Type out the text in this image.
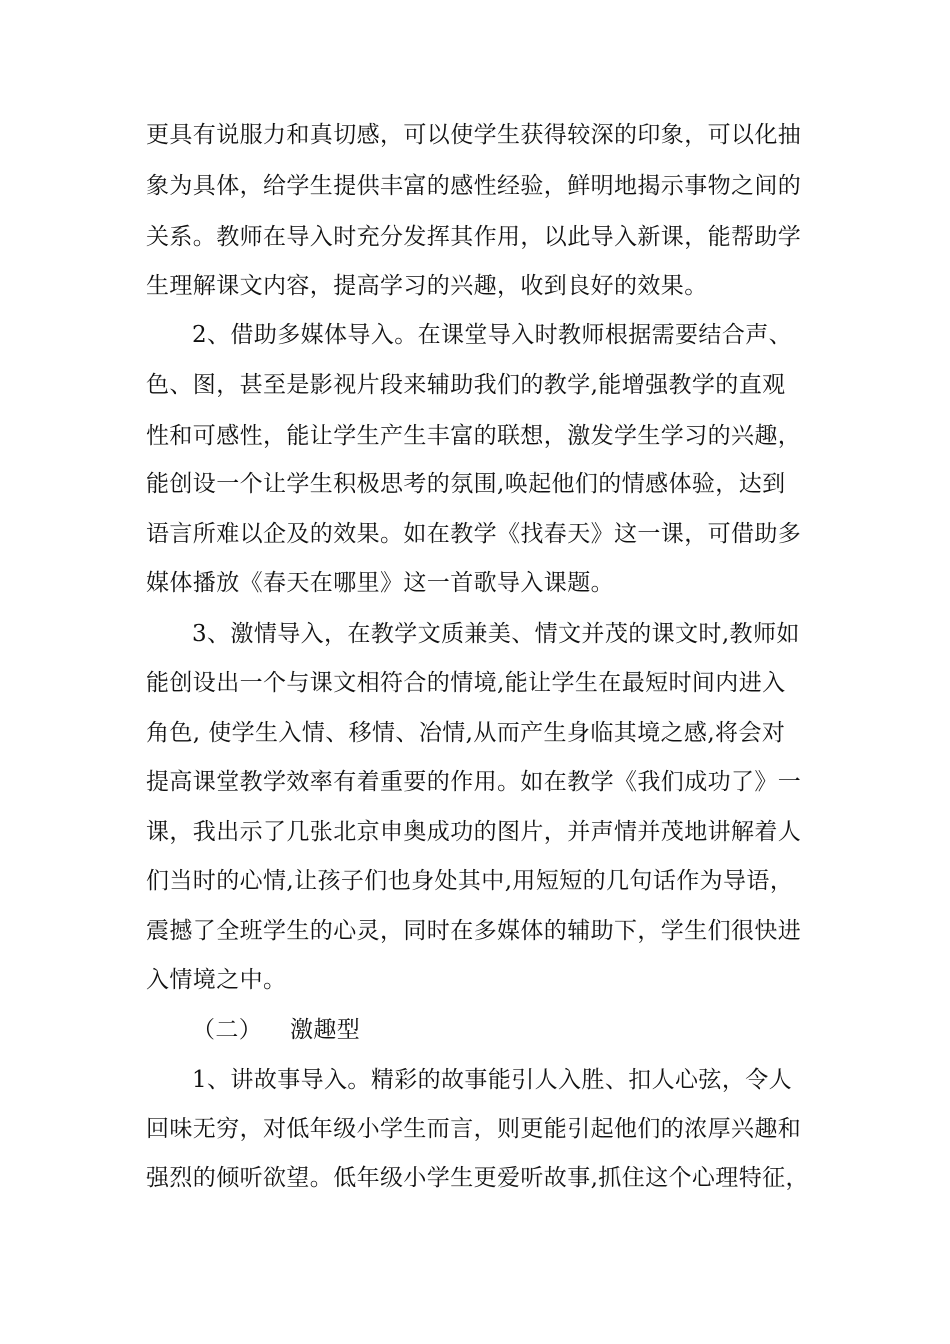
更具有说服力和真切感，可以使学生获得较深的印象，可以化抽
象为具体，给学生提供丰富的感性经验，鲜明地揭示事物之间的
关系。教师在导入时充分发挥其作用，以此导入新课，能帮助学
生理解课文内容，提高学习的兴趣，收到良好的效果。
2、借助多媒体导入。在课堂导入时教师根据需要结合声、
色、图，甚至是影视片段来辅助我们的教学,能增强教学的直观
性和可感性，能让学生产生丰富的联想，激发学生学习的兴趣，
能创设一个让学生积极思考的氛围,唤起他们的情感体验，达到
语言所难以企及的效果。如在教学《找春天》这一课，可借助多
媒体播放《春天在哪里》这一首歌导入课题。
3、激情导入，在教学文质兼美、情文并茂的课文时,教师如
能创设出一个与课文相符合的情境,能让学生在最短时间内进入
角色, 使学生入情、移情、冶情,从而产生身临其境之感,将会对
提高课堂教学效率有着重要的作用。如在教学《我们成功了》一
课，我出示了几张北京申奥成功的图片，并声情并茂地讲解着人
们当时的心情,让孩子们也身处其中,用短短的几句话作为导语，
震撼了全班学生的心灵，同时在多媒体的辅助下，学生们很快进
入情境之中。
（二） 激趣型
1、讲故事导入。精彩的故事能引人入胜、扣人心弦，令人
回味无穷，对低年级小学生而言，则更能引起他们的浓厚兴趣和
强烈的倾听欲望。低年级小学生更爱听故事,抓住这个心理特征，
